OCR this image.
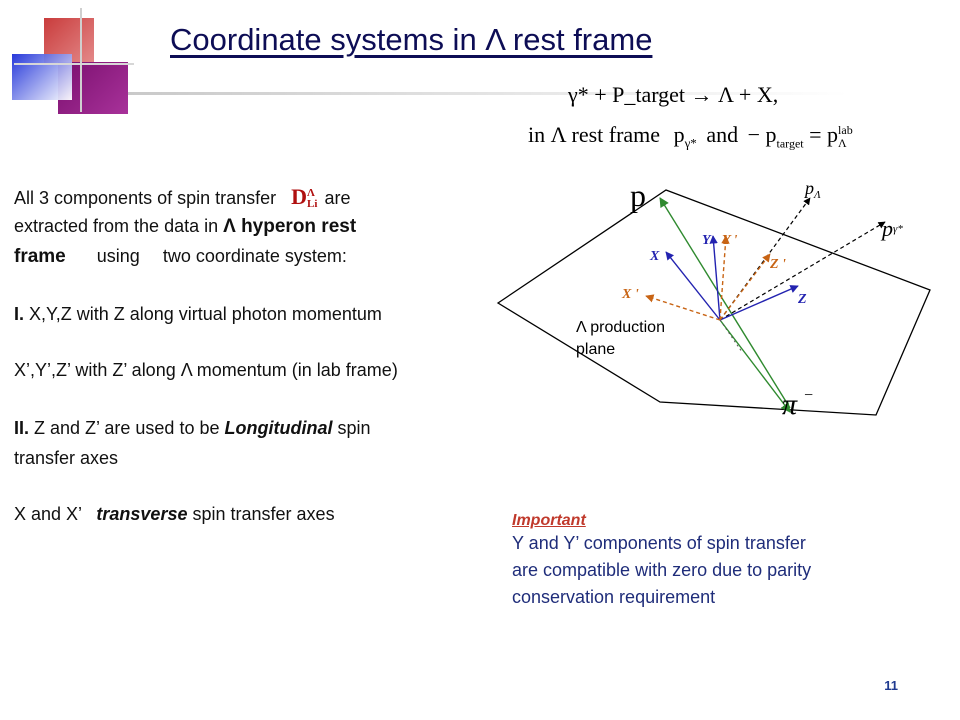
Coordinate systems in Λ rest frame
γ* + P_target → Λ + X,
in Λ rest frame $p_{\gamma*}$ and − $p_{target} = p$ lab
Λ
All 3 components of spin transfer D Λ
Li are
extracted from the data in Λ hyperon rest
frame using two coordinate system:
I. X,Y,Z with Z along virtual photon momentum
X’,Y’,Z’ with Z’ along Λ momentum (in lab frame)
II. Z and Z’ are used to be Longitudinal spin
transfer axes
X and X’ transverse spin transfer axes
p	$p_\Lambda$
pγ*
Y Y '
Z '
X
X '	Z
Λ production
plane
π −
Important
Y and Y’ components of spin transfer
are compatible with zero due to parity
conservation requirement
11
